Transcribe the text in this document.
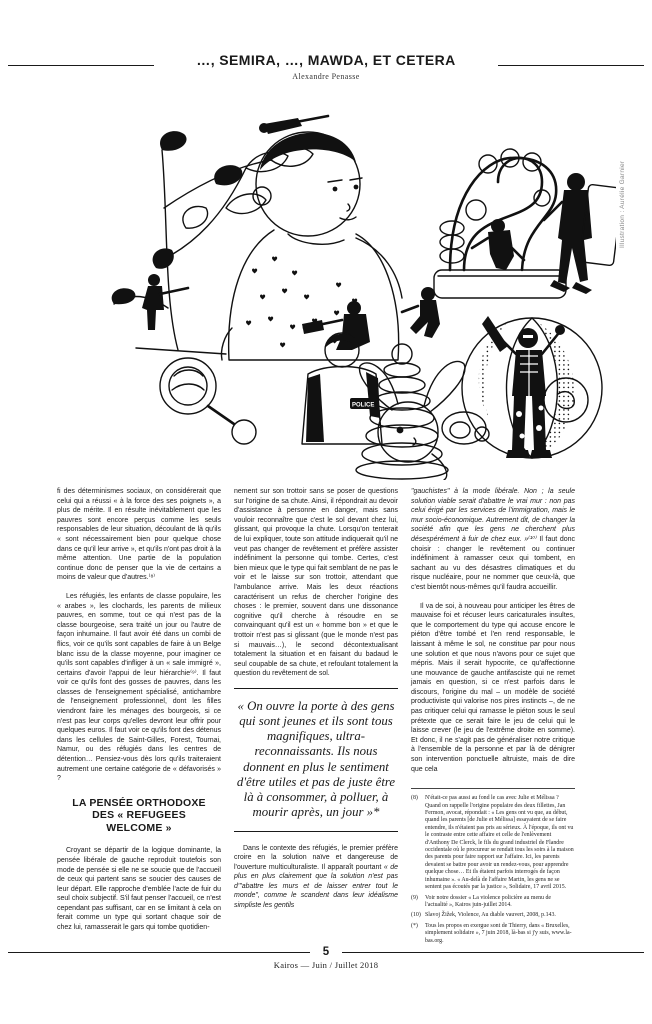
…, SEMIRA, …, MAWDA, ET CETERA
Alexandre Penasse
Illustration : Aurélie Garnier
POLICE

fi des déterminismes sociaux, on considérerait que celui qui a réussi « à la force des ses poignets », a plus de mérite. Il en résulte inévitablement que les pauvres sont encore perçus comme les seuls responsables de leur situation, découlant de là qu'ils « sont nécessairement bien pour quelque chose dans ce qu'il leur arrive », et qu'ils n'ont pas droit à la même attention. Une partie de la population continue donc de penser que la vie de certains a moins de valeur que d'autres.⁽⁸⁾

Les réfugiés, les enfants de classe populaire, les « arabes », les clochards, les parents de milieux pauvres, en somme, tout ce qui n'est pas de la classe bourgeoise, sera traité un jour ou l'autre de façon inhumaine. Il faut avoir été dans un combi de flics, voir ce qu'ils sont capables de faire à un Belge blanc issu de la classe moyenne, pour imaginer ce qu'ils sont capables d'infliger à un « sale immigré », certains d'avoir l'appui de leur hiérarchie⁽⁹⁾. Il faut voir ce qu'ils font des gosses de pauvres, dans les classes de l'enseignement spécialisé, antichambre de l'enseignement professionnel, dont les filles viendront faire les ménages des bourgeois, si ce n'est pas leur corps qu'elles devront leur offrir pour quelques euros. Il faut voir ce qu'ils font des détenus dans les cellules de Saint-Gilles, Forest, Tournai, Namur, ou des réfugiés dans les centres de détention… Pensiez-vous dès lors qu'ils traiteraient autrement une certaine catégorie de « défavorisés » ?

LA PENSÉE ORTHODOXE DES « REFUGEES WELCOME »

Croyant se départir de la logique dominante, la pensée libérale de gauche reproduit toutefois son mode de pensée si elle ne se soucie que de l'accueil de ceux qui partent sans se soucier des causes de leur départ. Elle rapproche d'emblée l'acte de fuir du seul choix subjectif. S'il faut penser l'accueil, ce n'est cependant pas suffisant, car en se limitant à cela on ferait comme un type qui sortant chaque soir de chez lui, ramasserait le gars qui tombe quotidien-

nement sur son trottoir sans se poser de questions sur l'origine de sa chute. Ainsi, il répondrait au devoir d'assistance à personne en danger, mais sans vouloir reconnaître que c'est le sol devant chez lui, glissant, qui provoque la chute. Lorsqu'on tenterait de lui expliquer, toute son attitude indiquerait qu'il ne veut pas changer de revêtement et préfère assister indéfiniment la personne qui tombe. Certes, c'est bien mieux que le type qui fait semblant de ne pas le voir et le laisse sur son trottoir, attendant que l'ambulance arrive. Mais les deux réactions caractérisent un refus de chercher l'origine des choses : le premier, souvent dans une dissonance cognitive qu'il cherche à résoudre en se convainquant qu'il est un « homme bon » et que le trottoir n'est pas si glissant (que le monde n'est pas si mauvais…), le second décontextualisant totalement la situation et en faisant du badaud le seul coupable de sa chute, et refoulant totalement la question du revêtement de sol.

« On ouvre la porte à des gens qui sont jeunes et ils sont tous magnifiques, ultra-reconnaissants. Ils nous donnent en plus le sentiment d'être utiles et pas de juste être là à consommer, à polluer, à mourir après, un jour »*

Dans le contexte des réfugiés, le premier préfère croire en la solution naïve et dangereuse de l'ouverture multiculturaliste. Il apparaît pourtant « de plus en plus clairement que la solution n'est pas d'"abattre les murs et de laisser entrer tout le monde", comme le scandent dans leur idéalisme simpliste les gentils

"gauchistes" à la mode libérale. Non ; la seule solution viable serait d'abattre le vrai mur : non pas celui érigé par les services de l'immigration, mais le mur socio-économique. Autrement dit, de changer la société afin que les gens ne cherchent plus désespérément à fuir de chez eux. »⁽¹⁰⁾ Il faut donc choisir : changer le revêtement ou continuer indéfiniment à ramasser ceux qui tombent, en sachant au vu des désastres climatiques et du risque nucléaire, pour ne nommer que ceux-là, que c'est bientôt nous-mêmes qu'il faudra accueillir.

Il va de soi, à nouveau pour anticiper les êtres de mauvaise foi et récuser leurs caricaturales insultes, que le comportement du type qui accuse encore le piéton d'être tombé et l'en rend responsable, le laissant à même le sol, ne constitue par pour nous une solution et que nous n'avons pour ce sujet que mépris. Mais il serait hypocrite, ce qu'affectionne une mouvance de gauche antifasciste qui ne remet jamais en question, si ce n'est parfois dans le discours, l'origine du mal – un modèle de société productiviste qui valorise nos pires instincts –, de ne pas critiquer celui qui ramasse le piéton sous le seul prétexte que ce serait faire le jeu de celui qui le laisse crever (le jeu de l'extrême droite en somme). Et donc, il ne s'agit pas de généraliser notre critique à l'ensemble de la personne et par là de dénigrer son intervention ponctuelle altruiste, mais de dire que cela

(8)	N'était-ce pas aussi au fond le cas avec Julie et Mélissa ? Quand on rappelle l'origine populaire des deux fillettes, Jan Fermon, avocat, répondait : « Les gens ont vu que, au début, quand les parents [de Julie et Mélissa] essayaient de se faire entendre, ils n'étaient pas pris au sérieux. À l'époque, ils ont vu le contraste entre cette affaire et celle de l'enlèvement d'Anthony De Clerck, le fils du grand industriel de Flandre occidentale où le procureur se rendait tous les soirs à la maison des parents pour faire rapport sur l'affaire. Ici, les parents devaient se battre pour avoir un rendez-vous, pour apprendre quelque chose… Et ils étaient parfois interrogés de façon inhumaine ». « Au-delà de l'affaire Martin, les gens ne se sentent pas écoutés par la justice », Solidaire, 17 avril 2015.
(9)	Voir notre dossier « La violence policière au menu de l'actualité », Kairos juin-juillet 2014.
(10) Slavoj Žižek, Violence, Au diable vauvert, 2008, p.143.
(*)	Tous les propos en exergue sont de Thierry, dans « Bruxelles, simplement solidaire », 7 juin 2018, là-bas si j'y suis, www.la-bas.org.
5
Kairos — Juin / Juillet 2018
